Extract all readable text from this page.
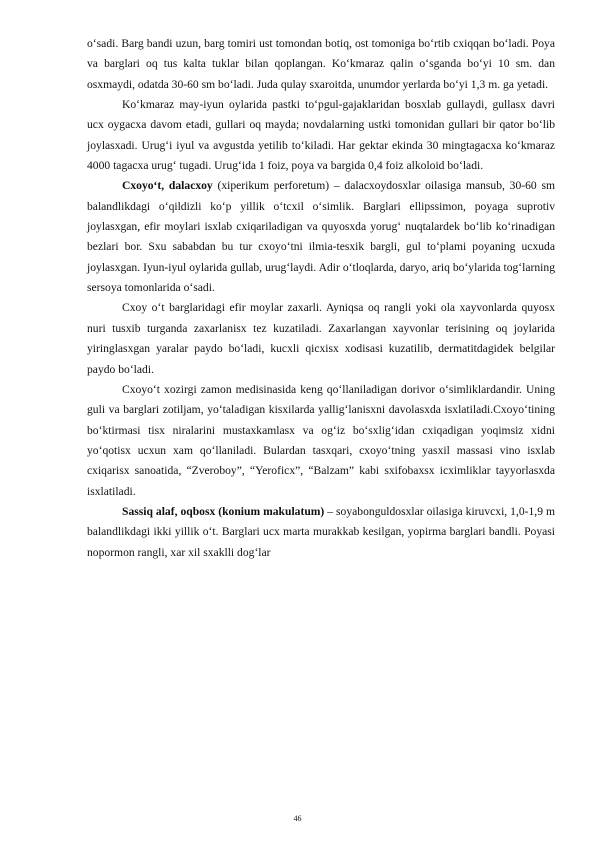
o‘sadi. Barg bandi uzun, barg tomiri ust tomondan botiq, ost tomoniga bo‘rtib cxiqqan bo‘ladi. Poya va barglari oq tus kalta tuklar bilan qoplangan. Ko‘kmaraz qalin o‘sganda bo‘yi 10 sm. dan osxmaydi, odatda 30-60 sm bo‘ladi. Juda qulay sxaroitda, unumdor yerlarda bo‘yi 1,3 m. ga yetadi.

Ko‘kmaraz may-iyun oylarida pastki to‘pgul-gajaklaridan bosxlab gullaydi, gullasx davri ucx oygacxa davom etadi, gullari oq mayda; novdalarning ustki tomonidan gullari bir qator bo‘lib joylasxadi. Urug‘i iyul va avgustda yetilib to‘kiladi. Har gektar ekinda 30 mingtagacxa ko‘kmaraz 4000 tagacxa urug‘ tugadi. Urug‘ida 1 foiz, poya va bargida 0,4 foiz alkoloid bo‘ladi.

Cxoyo‘t, dalacxoy (xiperikum perforetum) – dalacxoydosxlar oilasiga mansub, 30-60 sm balandlikdagi o‘qildizli ko‘p yillik o‘tcxil o‘simlik. Barglari ellipssimon, poyaga suprotiv joylasxgan, efir moylari isxlab cxiqariladigan va quyosxda yorug‘ nuqtalardek bo‘lib ko‘rinadigan bezlari bor. Sxu sababdan bu tur cxoyo‘tni ilmia-tesxik bargli, gul to‘plami poyaning ucxuda joylasxgan. Iyun-iyul oylarida gullab, urug‘laydi. Adir o‘tloqlarda, daryo, ariq bo‘ylarida tog‘larning sersoya tomonlarida o‘sadi.

Cxoy o‘t barglaridagi efir moylar zaxarli. Ayniqsa oq rangli yoki ola xayvonlarda quyosx nuri tusxib turganda zaxarlanisx tez kuzatiladi. Zaxarlangan xayvonlar terisining oq joylarida yiringlasxgan yaralar paydo bo‘ladi, kucxli qicxisx xodisasi kuzatilib, dermatitdagidek belgilar paydo bo‘ladi.

Cxoyo‘t xozirgi zamon medisinasida keng qo‘llaniladigan dorivor o‘simliklardandir. Uning guli va barglari zotiljam, yo‘taladigan kisxilarda yallig‘lanisxni davolasxda isxlatiladi.Cxoyo‘tining bo‘ktirmasi tisx niralarini mustaxkamlasx va og‘iz bo‘sxlig‘idan cxiqadigan yoqimsiz xidni yo‘qotisx ucxun xam qo‘llaniladi. Bulardan tasxqari, cxoyo‘tning yasxil massasi vino isxlab cxiqarisx sanoatida, “Zveroboy”, “Yeroficx”, “Balzam” kabi sxifobaxsx icximliklar tayyorlasxda isxlatiladi.

Sassiq alaf, oqbosx (konium makulatum) – soyabonguldosxlar oilasiga kiruvcxi, 1,0-1,9 m balandlikdagi ikki yillik o‘t. Barglari ucx marta murakkab kesilgan, yopirma barglari bandli. Poyasi nopormon rangli, xar xil sxaklli dog‘lar

46
